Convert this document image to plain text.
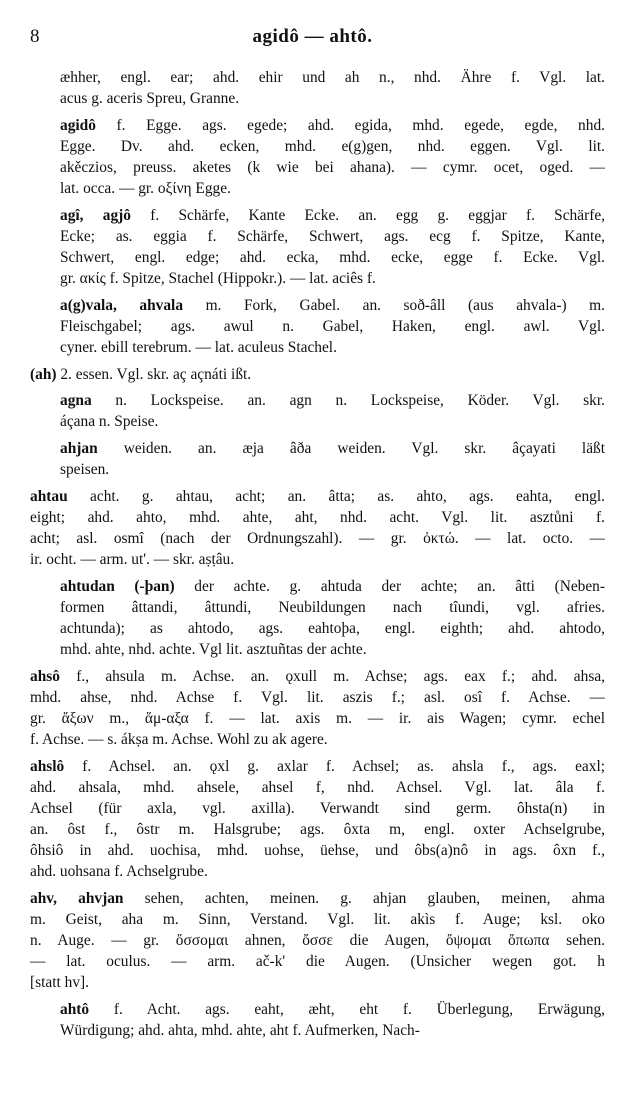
8	agidô — ahtô.
æhher, engl. ear; ahd. ehir und ah n., nhd. Ähre f. Vgl. lat.
acus g. aceris Spreu, Granne.
agidô f. Egge. ags. egede; ahd. egida, mhd. egede, egde, nhd.
Egge. Dv. ahd. ecken, mhd. e(g)gen, nhd. eggen. Vgl. lit.
akěczios, preuss. aketes (k wie bei ahana). — cymr. ocet, oged. —
lat. occa. — gr. οξίνη Egge.
agî, agjô f. Schärfe, Kante Ecke. an. egg g. eggjar f. Schärfe,
Ecke; as. eggia f. Schärfe, Schwert, ags. ecg f. Spitze, Kante,
Schwert, engl. edge; ahd. ecka, mhd. ecke, egge f. Ecke. Vgl.
gr. ακίς f. Spitze, Stachel (Hippokr.). — lat. aciês f.
a(g)vala, ahvala m. Fork, Gabel. an. soð-âll (aus ahvala-) m.
Fleischgabel; ags. awul n. Gabel, Haken, engl. awl. Vgl.
cyner. ebill terebrum. — lat. aculeus Stachel.
(ah) 2. essen. Vgl. skr. aç açnáti ißt.
agna n. Lockspeise. an. agn n. Lockspeise, Köder. Vgl. skr.
áçana n. Speise.
ahjan weiden. an. æja âða weiden. Vgl. skr. âçayati läßt
speisen.
ahtau acht. g. ahtau, acht; an. âtta; as. ahto, ags. eahta, engl.
eight; ahd. ahto, mhd. ahte, aht, nhd. acht. Vgl. lit. asztůni f.
acht; asl. osmî (nach der Ordnungszahl). — gr. ὀκτώ. — lat. octo. —
ir. ocht. — arm. ut'. — skr. aṣṭâu.
ahtudan (-þan) der achte. g. ahtuda der achte; an. âtti (Neben-
formen âttandi, âttundi, Neubildungen nach tîundi, vgl. afries.
achtunda); as ahtodo, ags. eahtoþa, engl. eighth; ahd. ahtodo,
mhd. ahte, nhd. achte. Vgl lit. asztuñtas der achte.
ahsô f., ahsula m. Achse. an. ǫxull m. Achse; ags. eax f.; ahd. ahsa,
mhd. ahse, nhd. Achse f. Vgl. lit. aszis f.; asl. osî f. Achse. —
gr. ἄξων m., ἅμ-αξα f. — lat. axis m. — ir. ais Wagen; cymr. echel
f. Achse. — s. ákṣa m. Achse. Wohl zu ak agere.
ahslô f. Achsel. an. ǫxl g. axlar f. Achsel; as. ahsla f., ags. eaxl;
ahd. ahsala, mhd. ahsele, ahsel f, nhd. Achsel. Vgl. lat. âla f.
Achsel (für axla, vgl. axilla). Verwandt sind germ. ôhsta(n) in
an. ôst f., ôstr m. Halsgrube; ags. ôxta m, engl. oxter Achselgrube,
ôhsiô in ahd. uochisa, mhd. uohse, üehse, und ôbs(a)nô in ags. ôxn f.,
ahd. uohsana f. Achselgrube.
ahv, ahvjan sehen, achten, meinen. g. ahjan glauben, meinen, ahma
m. Geist, aha m. Sinn, Verstand. Vgl. lit. akìs f. Auge; ksl. oko
n. Auge. — gr. ὄσσομαι ahnen, ὄσσε die Augen, ὄψομαι ὄπωπα sehen.
— lat. oculus. — arm. ač-k' die Augen. (Unsicher wegen got. h
[statt hv].
ahtô f. Acht. ags. eaht, æht, eht f. Überlegung, Erwägung,
Würdigung; ahd. ahta, mhd. ahte, aht f. Aufmerken, Nach-
